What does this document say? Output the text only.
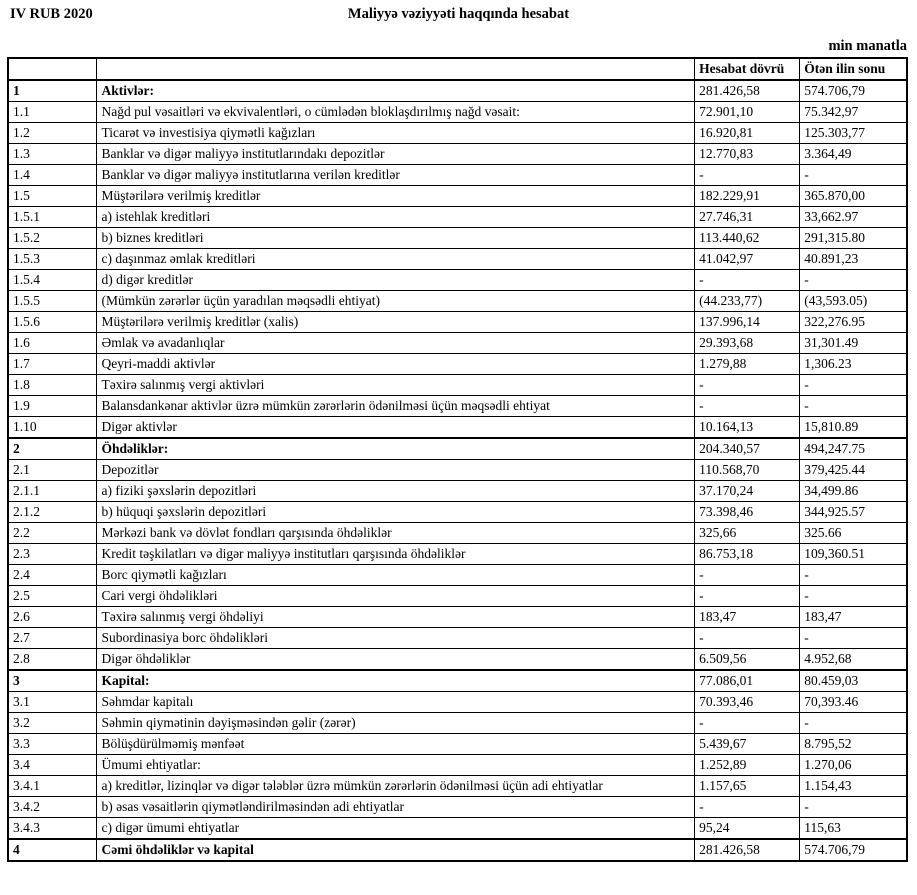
IV RUB 2020	Maliyyə vəziyyəti haqqında hesabat
min manatla
		Hesabat dövrü	Ötən ilin sonu
1	Aktivlər:	281.426,58	574.706,79
1.1	Nağd pul vəsaitləri və ekvivalentləri, o cümlədən bloklaşdırılmış nağd vəsait:	72.901,10	75.342,97
1.2	Ticarət və investisiya qiymətli kağızları	16.920,81	125.303,77
1.3	Banklar və digər maliyyə institutlarındakı depozitlər	12.770,83	3.364,49
1.4	Banklar və digər maliyyə institutlarına verilən kreditlər	-	-
1.5	Müştərilərə verilmiş kreditlər	182.229,91	365.870,00
1.5.1	a) istehlak kreditləri	27.746,31	33,662.97
1.5.2	b) biznes kreditləri	113.440,62	291,315.80
1.5.3	c) daşınmaz əmlak kreditləri	41.042,97	40.891,23
1.5.4	d) digər kreditlər	-	-
1.5.5	(Mümkün zərərlər üçün yaradılan məqsədli ehtiyat)	(44.233,77)	(43,593.05)
1.5.6	Müştərilərə verilmiş kreditlər (xalis)	137.996,14	322,276.95
1.6	Əmlak və avadanlıqlar	29.393,68	31,301.49
1.7	Qeyri-maddi aktivlər	1.279,88	1,306.23
1.8	Təxirə salınmış vergi aktivləri	-	-
1.9	Balansdankənar aktivlər üzrə mümkün zərərlərin ödənilməsi üçün məqsədli ehtiyat	-	-
1.10	Digər aktivlər	10.164,13	15,810.89
2	Öhdəliklər:	204.340,57	494,247.75
2.1	Depozitlər	110.568,70	379,425.44
2.1.1	a) fiziki şəxslərin depozitləri	37.170,24	34,499.86
2.1.2	b) hüquqi şəxslərin depozitləri	73.398,46	344,925.57
2.2	Mərkəzi bank və dövlət fondları qarşısında öhdəliklər	325,66	325.66
2.3	Kredit təşkilatları və digər maliyyə institutları qarşısında öhdəliklər	86.753,18	109,360.51
2.4	Borc qiymətli kağızları	-	-
2.5	Cari vergi öhdəlikləri	-	-
2.6	Təxirə salınmış vergi öhdəliyi	183,47	183,47
2.7	Subordinasiya borc öhdəlikləri	-	-
2.8	Digər öhdəliklər	6.509,56	4.952,68
3	Kapital:	77.086,01	80.459,03
3.1	Səhmdar kapitalı	70.393,46	70,393.46
3.2	Səhmin qiymətinin dəyişməsindən gəlir (zərər)	-	-
3.3	Bölüşdürülməmiş mənfəət	5.439,67	8.795,52
3.4	Ümumi ehtiyatlar:	1.252,89	1.270,06
3.4.1	a) kreditlər, lizinqlər və digər tələblər üzrə mümkün zərərlərin ödənilməsi üçün adi ehtiyatlar	1.157,65	1.154,43
3.4.2	b) əsas vəsaitlərin qiymətləndirilməsindən adi ehtiyatlar	-	-
3.4.3	c) digər ümumi ehtiyatlar	95,24	115,63
4	Cəmi öhdəliklər və kapital	281.426,58	574.706,79
